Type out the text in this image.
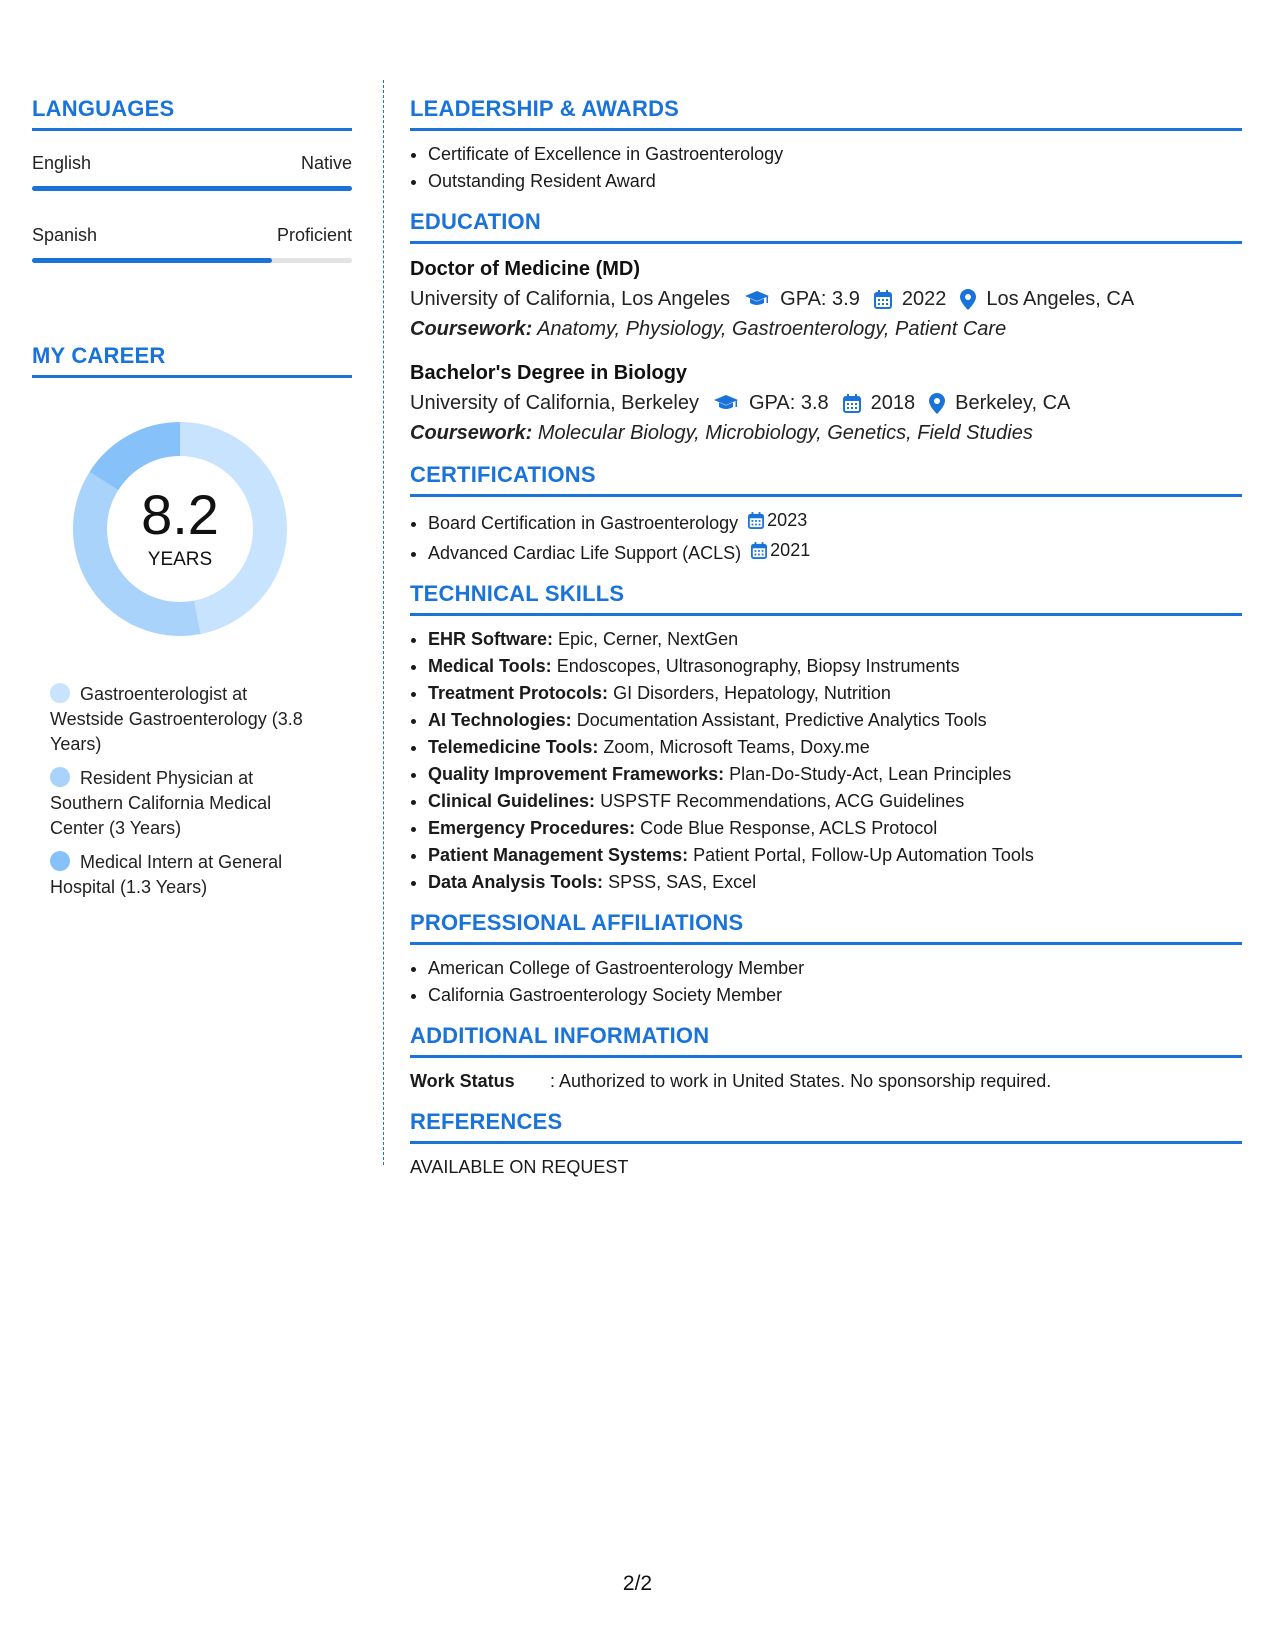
LANGUAGES
English	Native
Spanish	Proficient
MY CAREER
8.2
YEARS
Gastroenterologist at Westside Gastroenterology (3.8 Years)
Resident Physician at Southern California Medical Center (3 Years)
Medical Intern at General Hospital (1.3 Years)
LEADERSHIP & AWARDS
• Certificate of Excellence in Gastroenterology
• Outstanding Resident Award
EDUCATION
Doctor of Medicine (MD)
University of California, Los Angeles	GPA: 3.9 2022 Los Angeles, CA
Coursework: Anatomy, Physiology, Gastroenterology, Patient Care
Bachelor's Degree in Biology
University of California, Berkeley	GPA: 3.8 2018 Berkeley, CA
Coursework: Molecular Biology, Microbiology, Genetics, Field Studies
CERTIFICATIONS
• Board Certification in Gastroenterology 2023
• Advanced Cardiac Life Support (ACLS) 2021
TECHNICAL SKILLS
• EHR Software: Epic, Cerner, NextGen
• Medical Tools: Endoscopes, Ultrasonography, Biopsy Instruments
• Treatment Protocols: GI Disorders, Hepatology, Nutrition
• AI Technologies: Documentation Assistant, Predictive Analytics Tools
• Telemedicine Tools: Zoom, Microsoft Teams, Doxy.me
• Quality Improvement Frameworks: Plan-Do-Study-Act, Lean Principles
• Clinical Guidelines: USPSTF Recommendations, ACG Guidelines
• Emergency Procedures: Code Blue Response, ACLS Protocol
• Patient Management Systems: Patient Portal, Follow-Up Automation Tools
• Data Analysis Tools: SPSS, SAS, Excel
PROFESSIONAL AFFILIATIONS
• American College of Gastroenterology Member
• California Gastroenterology Society Member
ADDITIONAL INFORMATION
Work Status : Authorized to work in United States. No sponsorship required.
REFERENCES
AVAILABLE ON REQUEST
2/2
